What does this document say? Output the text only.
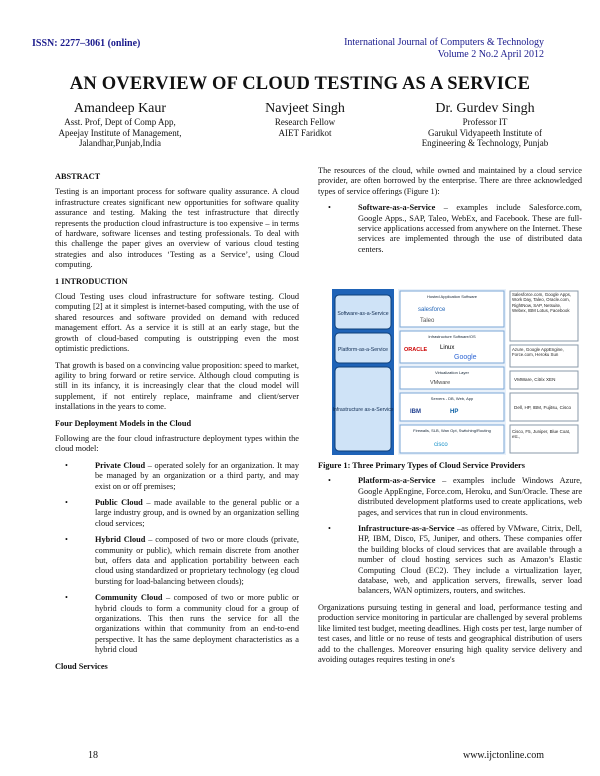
ISSN: 2277–3061 (online)	International Journal of Computers & Technology
Volume 2 No.2 April 2012
AN OVERVIEW OF CLOUD TESTING AS A SERVICE
Amandeep Kaur
Asst. Prof, Dept of Comp App,
Apeejay Institute of Management,
Jalandhar,Punjab,India
Navjeet Singh
Research Fellow
AIET Faridkot
Dr. Gurdev Singh
Professor IT
Garukul Vidyapeeth Institute of
Engineering & Technology, Punjab
ABSTRACT

Testing is an important process for software quality assurance. A cloud infrastructure creates significant new opportunities for software quality assurance and testing. Making the test infrastructure that directly represents the production cloud infrastructure is too expensive – in terms of hardware, software licenses and testing professionals. To deal with this challenge the paper gives an overview of various cloud testing strategies and also introduces ‘Testing as a Service’, using Cloud computing.

1 INTRODUCTION

Cloud Testing uses cloud infrastructure for software testing. Cloud computing [2] at it simplest is internet-based computing, with the use of shared resources and software provided on demand with reduced management effort. As a service it is still at an early stage, but the growth of cloud-based computing is outstripping even the most optimistic predictions.

That growth is based on a convincing value proposition: speed to market, agility to bring forward or retire service. Although cloud computing is still in its infancy, it is increasingly clear that the cloud model will supplement, if not entirely replace, mainframe and client/server installations in the years to come.

Four Deployment Models in the Cloud

Following are the four cloud infrastructure deployment types within the cloud model:

•	Private Cloud – operated solely for an organization. It may be managed by an organization or a third party, and may exist on or off premises;
•	Public Cloud – made available to the general public or a large industry group, and is owned by an organization selling cloud services;
•	Hybrid Cloud – composed of two or more clouds (private, community or public), which remain discrete from another but, offers data and application portability between each cloud using standardized or proprietary technology (eg cloud bursting for load-balancing between clouds);
•	Community Cloud – composed of two or more public or hybrid clouds to form a community cloud for a group of organizations. This then runs the service for all the organizations within that community from an end-to-end perspective. It has the same deployment characteristics as a hybrid cloud
Cloud Services

The resources of the cloud, while owned and maintained by a cloud service provider, are often borrowed by the enterprise. There are three acknowledged types of service offerings (Figure 1):

•	Software-as-a-Service – examples include Salesforce.com, Google Apps., SAP, Taleo, WebEx, and Facebook. These are full-service applications accessed from anywhere on the Internet. These services are implemented through the use of distributed data centers.
Software-as-a-Service
Platform-as-a-Service
Infrastructure as-a-Service
Hosted Application Software
salesforce
Taleo
Infrastructure Software/OS
ORACLE Linux
Google
Virtualization Layer
VMware
Servers - DB, Web, App
IBM	HP
Firewalls, SLB, Wan Opt, Switching/Routing
cisco
Salesforce.com, Google Apps, Work Day, Taleo, Oracle.com, RightNow, SAP, Netsuite, Webex, IBM Lotus, Facebook
Azure, Google AppEngine, Force.com, Heroku Sun
VMWare, Citrix XEN
Dell, HP, IBM, Fujitsu, Cisco
Cisco, F5, Juniper, Blue Coat, etc.,

Figure 1: Three Primary Types of Cloud Service Providers

•	Platform-as-a-Service – examples include Windows Azure, Google AppEngine, Force.com, Heroku, and Sun/Oracle. These are distributed development platforms used to create applications, web pages, and services that run in cloud environments.
•	Infrastructure-as-a-Service –as offered by VMware, Citrix, Dell, HP, IBM, Disco, F5, Juniper, and others. These companies offer the building blocks of cloud services that are available through a number of cloud hosting services such as Amazon’s Elastic Computing Cloud (EC2). They include a virtualization layer, database, web, and application servers, firewalls, server load balancers, WAN optimizers, routers, and switches.

Organizations pursuing testing in general and load, performance testing and production service monitoring in particular are challenged by several problems like limited test budget, meeting deadlines. High costs per test, large number of test cases, and little or no reuse of tests and geographical distribution of users add to the challenges. Moreover ensuring high quality service delivery and avoiding outages requires testing in one's

18	www.ijctonline.com
